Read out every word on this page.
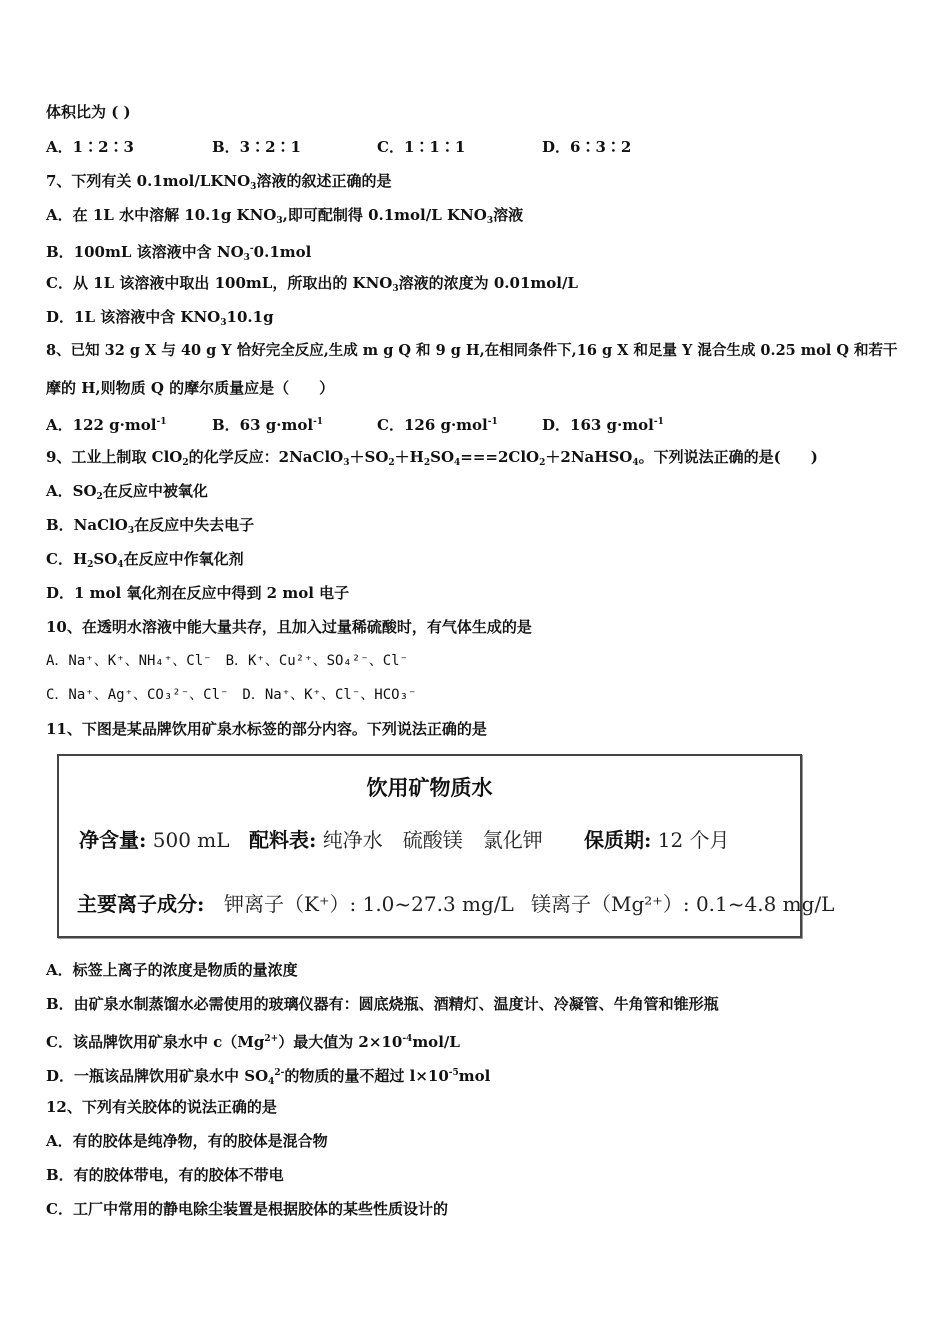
体积比为 ( )
A．1∶2∶3	B．3∶2∶1	C．1∶1∶1	D．6∶3∶2
7、下列有关 $0.1mol/LKNO_3$溶液的叙述正确的是
A．在 1L 水中溶解 10.1g $KNO_3$,即可配制得 0.1mol/L $KNO_3$溶液
B．100mL 该溶液中含 $NO_3^-0.1mol$
C．从 1L 该溶液中取出 100mL，所取出的 $KNO_3$溶液的浓度为 0.01mol/L
D．1L 该溶液中含 $KNO_310.1g$
8、已知 32 g X 与 40 g Y 恰好完全反应,生成 m g Q 和 9 g H,在相同条件下,16 g X 和足量 Y 混合生成 0.25 mol Q 和若干
摩的 H,则物质 Q 的摩尔质量应是（　　）
A．122 g·mol$^{-1}$	B．63 g·mol$^{-1}$	C．126 g·mol$^{-1}$	D．163 g·mol$^{-1}$
9、工业上制取 ClO$_2$的化学反应：$2NaClO_3+SO_2+H_2SO_4===2ClO_2+2NaHSO_4$。下列说法正确的是(　　)
A．$SO_2$在反应中被氧化
B．NaClO$_3$在反应中失去电子
C．$H_2SO_4$在反应中作氧化剂
D．1 mol 氧化剂在反应中得到 2 mol 电子
10、在透明水溶液中能大量共存，且加入过量稀硫酸时，有气体生成的是
A．Na⁺、K⁺、NH₄⁺、Cl⁻　B．K⁺、Cu²⁺、SO₄²⁻、Cl⁻
C．Na⁺、Ag⁺、CO₃²⁻、Cl⁻　D．Na⁺、K⁺、Cl⁻、HCO₃⁻
11、下图是某品牌饮用矿泉水标签的部分内容。下列说法正确的是
饮用矿物质水
净含量: 500 mL 配料表: 纯净水　硫酸镁　氯化钾 保质期: 12 个月
主要离子成分: 钾离子（K⁺）: 1.0~27.3 mg/L 镁离子（Mg²⁺）: 0.1~4.8 mg/L
A．标签上离子的浓度是物质的量浓度
B．由矿泉水制蒸馏水必需使用的玻璃仪器有：圆底烧瓶、酒精灯、温度计、冷凝管、牛角管和锥形瓶
C．该品牌饮用矿泉水中 $c(Mg^{2+})$最大值为 $2\times 10^{-4}mol/L$
D．一瓶该品牌饮用矿泉水中 $SO_4^{2-}$的物质的量不超过 $l\times 10^{-5}mol$
12、下列有关胶体的说法正确的是
A．有的胶体是纯净物，有的胶体是混合物
B．有的胶体带电，有的胶体不带电
C．工厂中常用的静电除尘装置是根据胶体的某些性质设计的
